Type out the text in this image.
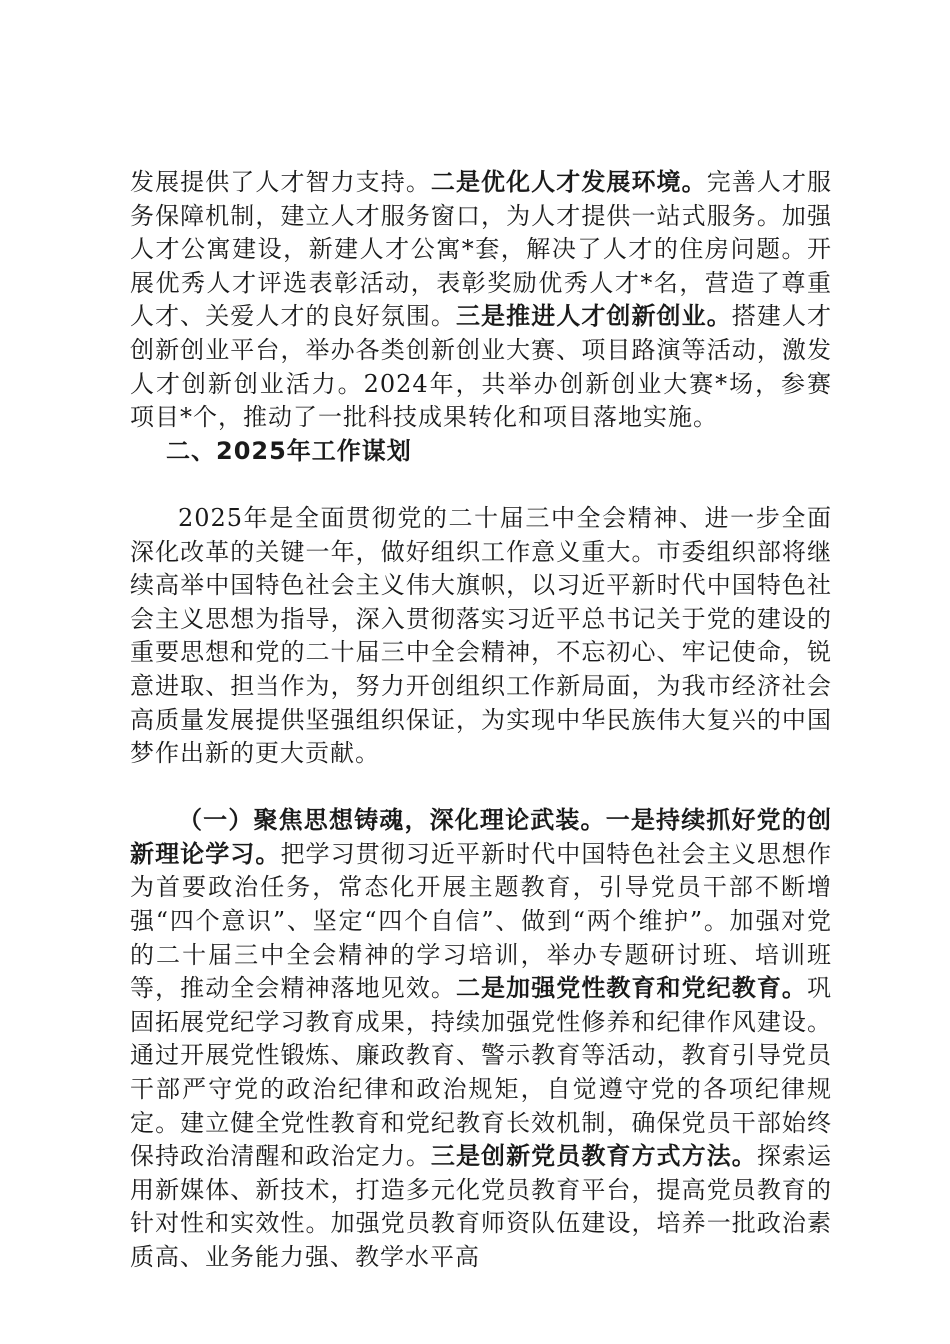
发展提供了人才智力支持。二是优化人才发展环境。完善人才服务保障机制，建立人才服务窗口，为人才提供一站式服务。加强人才公寓建设，新建人才公寓*套，解决了人才的住房问题。开展优秀人才评选表彰活动，表彰奖励优秀人才*名，营造了尊重人才、关爱人才的良好氛围。三是推进人才创新创业。搭建人才创新创业平台，举办各类创新创业大赛、项目路演等活动，激发人才创新创业活力。2024年，共举办创新创业大赛*场，参赛项目*个，推动了一批科技成果转化和项目落地实施。

二、2025年工作谋划

2025年是全面贯彻党的二十届三中全会精神、进一步全面深化改革的关键一年，做好组织工作意义重大。市委组织部将继续高举中国特色社会主义伟大旗帜，以习近平新时代中国特色社会主义思想为指导，深入贯彻落实习近平总书记关于党的建设的重要思想和党的二十届三中全会精神，不忘初心、牢记使命，锐意进取、担当作为，努力开创组织工作新局面，为我市经济社会高质量发展提供坚强组织保证，为实现中华民族伟大复兴的中国梦作出新的更大贡献。

（一）聚焦思想铸魂，深化理论武装。一是持续抓好党的创新理论学习。把学习贯彻习近平新时代中国特色社会主义思想作为首要政治任务，常态化开展主题教育，引导党员干部不断增强“四个意识”、坚定“四个自信”、做到“两个维护”。加强对党的二十届三中全会精神的学习培训，举办专题研讨班、培训班等，推动全会精神落地见效。二是加强党性教育和党纪教育。巩固拓展党纪学习教育成果，持续加强党性修养和纪律作风建设。通过开展党性锻炼、廉政教育、警示教育等活动，教育引导党员干部严守党的政治纪律和政治规矩，自觉遵守党的各项纪律规定。建立健全党性教育和党纪教育长效机制，确保党员干部始终保持政治清醒和政治定力。三是创新党员教育方式方法。探索运用新媒体、新技术，打造多元化党员教育平台，提高党员教育的针对性和实效性。加强党员教育师资队伍建设，培养一批政治素质高、业务能力强、教学水平高
